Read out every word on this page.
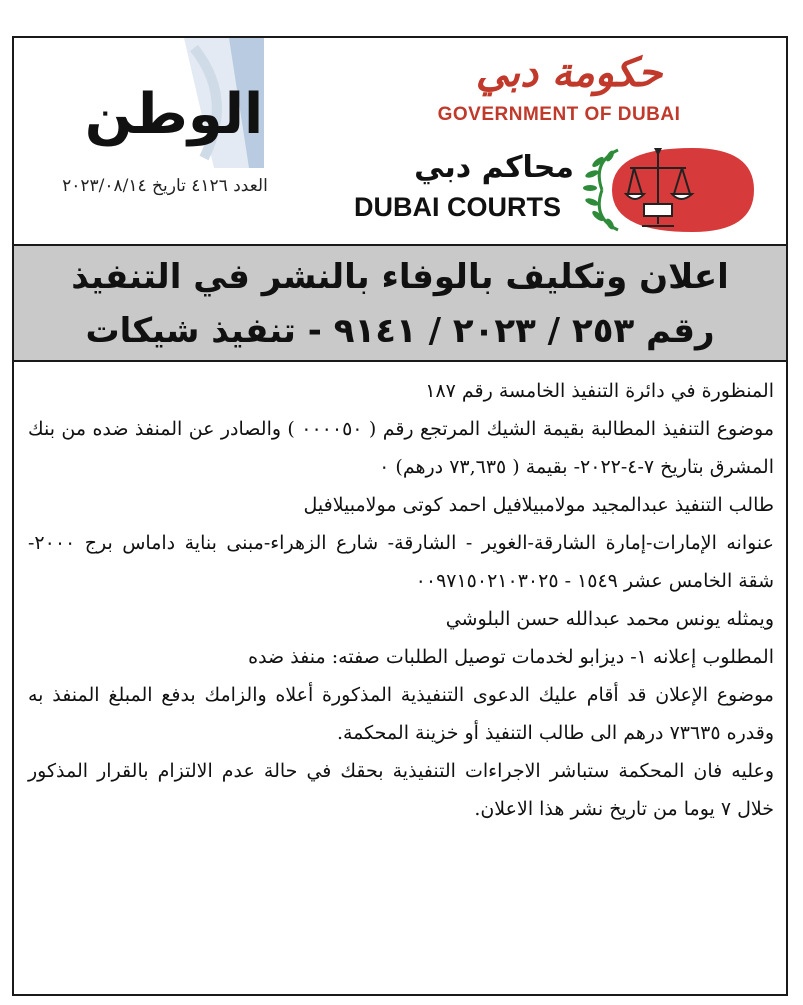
الوطن
العدد ٤١٢٦ تاريخ ٢٠٢٣/٠٨/١٤
حكومة دبي
GOVERNMENT OF DUBAI
محاكم دبي
DUBAI COURTS
اعلان وتكليف بالوفاء بالنشر في التنفيذ
رقم ٢٥٣ / ٢٠٢٣ / ٩١٤١ - تنفيذ شيكات

المنظورة في دائرة التنفيذ الخامسة رقم ١٨٧

موضوع التنفيذ المطالبة بقيمة الشيك المرتجع رقم ( ٠٠٠٠٥٠ ) والصادر عن المنفذ ضده من بنك المشرق بتاريخ ٧-٤-٢٠٢٢- بقيمة ( ٧٣,٦٣٥ درهم) ٠

طالب التنفيذ عبدالمجيد مولامبيلافيل احمد كوتى مولامبيلافيل

عنوانه الإمارات-إمارة الشارقة-الغوير - الشارقة- شارع الزهراء-مبنى بناية داماس برج ٢٠٠٠-شقة الخامس عشر ١٥٤٩ - ٠٠٩٧١٥٠٢١٠٣٠٢٥

ويمثله يونس محمد عبدالله حسن البلوشي

المطلوب إعلانه ١- ديزابو لخدمات توصيل الطلبات صفته: منفذ ضده

موضوع الإعلان قد أقام عليك الدعوى التنفيذية المذكورة أعلاه والزامك بدفع المبلغ المنفذ به وقدره ٧٣٦٣٥ درهم الى طالب التنفيذ أو خزينة المحكمة.

وعليه فان المحكمة ستباشر الاجراءات التنفيذية بحقك في حالة عدم الالتزام بالقرار المذكور خلال ٧ يوما من تاريخ نشر هذا الاعلان.
